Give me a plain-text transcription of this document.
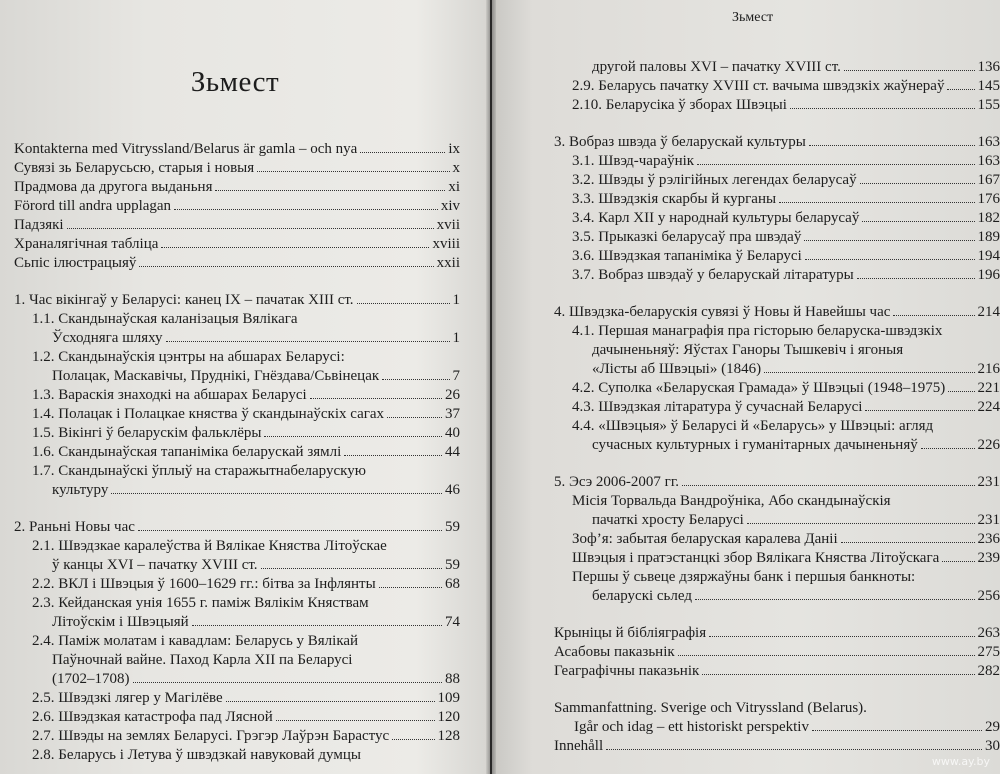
Зьмест
Kontakterna med Vitryssland/Belarus är gamla – och nya	ix
Сувязі зь Беларусьсю, старыя і новыя	x
Прадмова да другога выданьня	xi
Förord till andra upplagan	xiv
Падзякі	xvii
Храналягічная табліца	xviii
Сьпіс ілюстрацыяў	xxii
1. Час вікінгаў у Беларусі: канец IX – пачатак XIII ст.	1
1.1. Скандынаўская каланізацыя Вялікага
Ўсходняга шляху	1
1.2. Скандынаўскія цэнтры на абшарах Беларусі:
Полацак, Маскавічы, Пруднікі, Гнёздава/Сьвінецак	7
1.3. Варaскія знаходкі на абшарах Беларусі	26
1.4. Полацак і Полацкае княства ў скандынаўскіх сагах	37
1.5. Вікінгі ў беларускім фальклёры	40
1.6. Скандынаўская тапаніміка беларускай зямлі	44
1.7. Скандынаўскі ўплыў на старажытнабеларускую
культуру	46
2. Раньні Новы час	59
2.1. Швэдзкае каралеўства й Вялікае Княства Літоўскае
ў канцы XVI – пачатку XVIII ст.	59
2.2. ВКЛ і Швэцыя ў 1600–1629 гг.: бітва за Інфлянты	68
2.3. Кейданская унія 1655 г. паміж Вялікім Княствам
Літоўскім і Швэцыяй	74
2.4. Паміж молатам і кавадлам: Беларусь у Вялікай
Паўночнай вайне. Паход Карла XII па Беларусі
(1702–1708)	88
2.5. Швэдзкі лягер у Магілёве	109
2.6. Швэдзкая катастрофа пад Лясной	120
2.7. Швэды на землях Беларусі. Грэгэр Лаўрэн Барастус	128
2.8. Беларусь і Летува ў швэдзкай навуковай думцы
Зьмест
другой паловы XVI – пачатку XVIII ст.	136
2.9. Беларусь пачатку XVIII ст. вачыма швэдзкіх жаўнераў 145
2.10. Беларусіка ў зборах Швэцыі	155
3. Вобраз швэда ў беларускай культуры	163
3.1. Швэд-чараўнік	163
3.2. Швэды ў рэлігійных легендах беларусаў	167
3.3. Швэдзкія скарбы й курганы	176
3.4. Карл XII у народнай культуры беларусаў	182
3.5. Прыказкі беларусаў пра швэдаў	189
3.6. Швэдзкая тапаніміка ў Беларусі	194
3.7. Вобраз швэдаў у беларускай літаратуры	196
4. Швэдзка-беларускія сувязі ў Новы й Навейшы час	214
4.1. Першая манаграфія пра гісторыю беларуска-швэдзкіх
дачыненьняў: Яўстах Ганоры Тышкевіч і ягоныя
«Лісты аб Швэцыі» (1846)	216
4.2. Суполка «Беларуская Грамада» ў Швэцыі (1948–1975) 221
4.3. Швэдзкая літаратура ў сучаснай Беларусі	224
4.4. «Швэцыя» ў Беларусі й «Беларусь» у Швэцыі: агляд
сучасных культурных і гуманітарных дачыненьняў	226
5. Эсэ 2006-2007 гг.	231
Місія Торвальда Вандроўніка, Або скандынаўскія
пачаткі хросту Беларусі	231
Зоф’я: забытая беларуская каралева Даніі	236
Швэцыя і пратэстанцкі збор Вялікага Княства Літоўскага	239
Першы ў сьвеце дзяржаўны банк і першыя банкноты:
беларускі сьлед	256
Крыніцы й бібліяграфія	263
Асабовы паказьнік	275
Геаграфічны паказьнік	282
Sammanfattning. Sverige och Vitryssland (Belarus).
Igår och idag – ett historiskt perspektiv	29
Innehåll	30
www.ay.by
